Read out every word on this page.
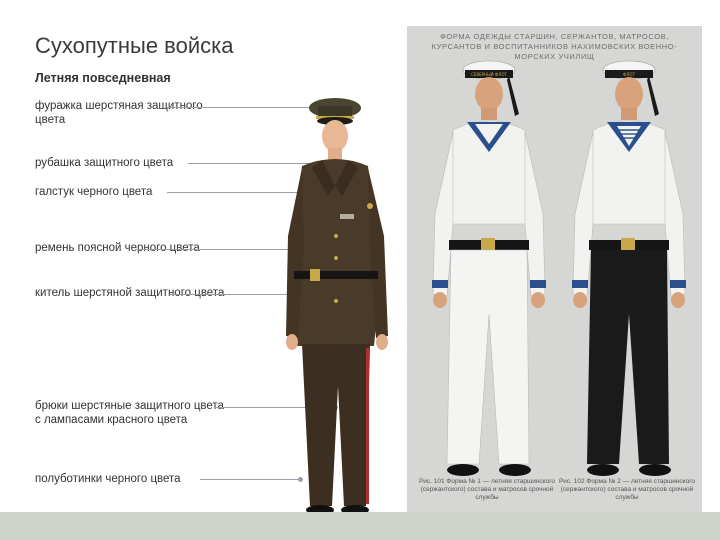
Сухопутные войска
Летняя повседневная
фуражка шерстяная защитного цвета
рубашка защитного цвета
галстук черного цвета
ремень поясной черного цвета
китель шерстяной защитного цвета
брюки шерстяные защитного цвета с лампасами красного цвета
полуботинки черного цвета
ФОРМА ОДЕЖДЫ СТАРШИН, СЕРЖАНТОВ, МАТРОСОВ, КУРСАНТОВ И ВОСПИТАННИКОВ НАХИМОВСКИХ ВОЕННО-МОРСКИХ УЧИЛИЩ
СЕВЕРНЫЙ ФЛОТ	ФЛОТ
Рис. 101 Форма № 1 — летняя старшинского (сержантского) состава и матросов срочной службы
Рис. 102 Форма № 2 — летняя старшинского (сержантского) состава и матросов срочной службы
